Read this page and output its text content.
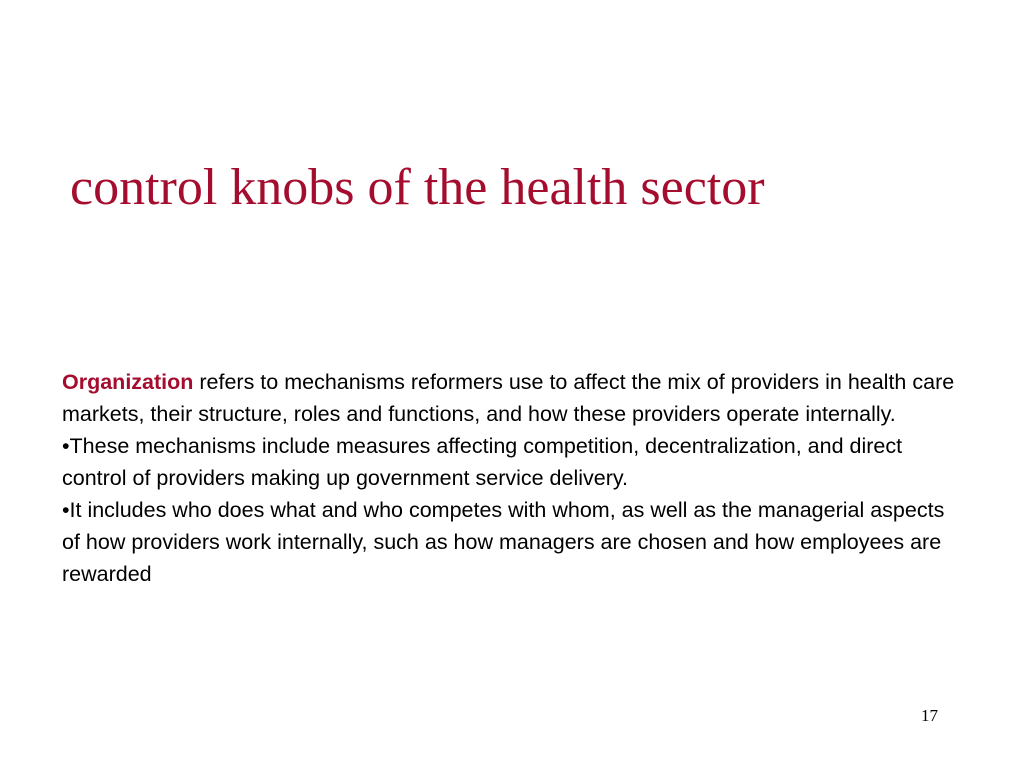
control knobs of the health sector

Organization refers to mechanisms reformers use to affect the mix of providers in health care markets, their structure, roles and functions, and how these providers operate internally.

•These mechanisms include measures affecting competition, decentralization, and direct control of providers making up government service delivery.

•It includes who does what and who competes with whom, as well as the managerial aspects of how providers work internally, such as how managers are chosen and how employees are rewarded

17
